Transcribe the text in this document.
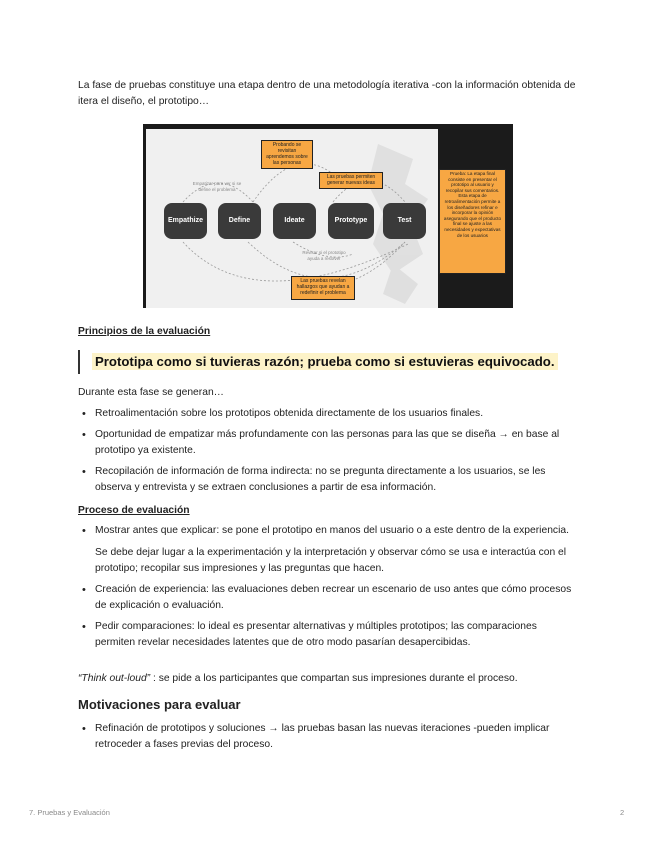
La fase de pruebas constituye una etapa dentro de una metodología iterativa -con la información obtenida de itera el diseño, el prototipo…
Empathize	Define	Ideate	Prototype	Test
Probando se revisitan aprendemos sobre las personas
Las pruebas permiten generar nuevas ideas
Las pruebas revelan hallazgos que ayudan a redefinir el problema
Prueba: La etapa final consiste en presentar el prototipo al usuario y recopilar sus comentarios. Esta etapa de retroalimentación permite a los diseñadores refinar e incorporar la opinión asegurando que el producto final se ajuste a las necesidades y expectativas de los usuarios
Empatizar para ver si se define el problema
Revisar si el prototipo ayuda a resolver
Principios de la evaluación
Prototipa como si tuvieras razón; prueba como si estuvieras equivocado.
Durante esta fase se generan…
• Retroalimentación sobre los prototipos obtenida directamente de los usuarios finales.
• Oportunidad de empatizar más profundamente con las personas para las que se diseña → en base al prototipo ya existente.
• Recopilación de información de forma indirecta: no se pregunta directamente a los usuarios, se les observa y entrevista y se extraen conclusiones a partir de esa información.
Proceso de evaluación
• Mostrar antes que explicar: se pone el prototipo en manos del usuario o a este dentro de la experiencia.
Se debe dejar lugar a la experimentación y la interpretación y observar cómo se usa e interactúa con el prototipo; recopilar sus impresiones y las preguntas que hacen.
• Creación de experiencia: las evaluaciones deben recrear un escenario de uso antes que cómo procesos de explicación o evaluación.
• Pedir comparaciones: lo ideal es presentar alternativas y múltiples prototipos; las comparaciones permiten revelar necesidades latentes que de otro modo pasarían desapercibidas.
“Think out-loud” : se pide a los participantes que compartan sus impresiones durante el proceso.
Motivaciones para evaluar
• Refinación de prototipos y soluciones → las pruebas basan las nuevas iteraciones -pueden implicar retroceder a fases previas del proceso.
7. Pruebas y Evaluación	2
